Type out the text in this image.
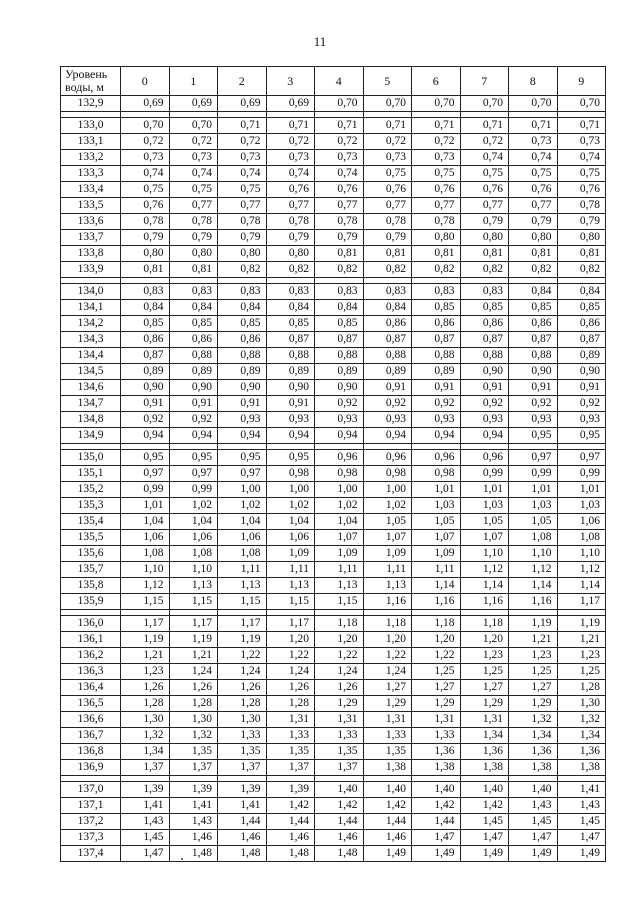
11
Уровень воды, м	0	1	2	3	4	5	6	7	8	9
132,9	0,69	0,69	0,69	0,69	0,70	0,70	0,70	0,70	0,70	0,70

133,0	0,70	0,70	0,71	0,71	0,71	0,71	0,71	0,71	0,71	0,71
133,1	0,72	0,72	0,72	0,72	0,72	0,72	0,72	0,72	0,73	0,73
133,2	0,73	0,73	0,73	0,73	0,73	0,73	0,73	0,74	0,74	0,74
133,3	0,74	0,74	0,74	0,74	0,74	0,75	0,75	0,75	0,75	0,75
133,4	0,75	0,75	0,75	0,76	0,76	0,76	0,76	0,76	0,76	0,76
133,5	0,76	0,77	0,77	0,77	0,77	0,77	0,77	0,77	0,77	0,78
133,6	0,78	0,78	0,78	0,78	0,78	0,78	0,78	0,79	0,79	0,79
133,7	0,79	0,79	0,79	0,79	0,79	0,79	0,80	0,80	0,80	0,80
133,8	0,80	0,80	0,80	0,80	0,81	0,81	0,81	0,81	0,81	0,81
133,9	0,81	0,81	0,82	0,82	0,82	0,82	0,82	0,82	0,82	0,82

134,0	0,83	0,83	0,83	0,83	0,83	0,83	0,83	0,83	0,84	0,84
134,1	0,84	0,84	0,84	0,84	0,84	0,84	0,85	0,85	0,85	0,85
134,2	0,85	0,85	0,85	0,85	0,85	0,86	0,86	0,86	0,86	0,86
134,3	0,86	0,86	0,86	0,87	0,87	0,87	0,87	0,87	0,87	0,87
134,4	0,87	0,88	0,88	0,88	0,88	0,88	0,88	0,88	0,88	0,89
134,5	0,89	0,89	0,89	0,89	0,89	0,89	0,89	0,90	0,90	0,90
134,6	0,90	0,90	0,90	0,90	0,90	0,91	0,91	0,91	0,91	0,91
134,7	0,91	0,91	0,91	0,91	0,92	0,92	0,92	0,92	0,92	0,92
134,8	0,92	0,92	0,93	0,93	0,93	0,93	0,93	0,93	0,93	0,93
134,9	0,94	0,94	0,94	0,94	0,94	0,94	0,94	0,94	0,95	0,95

135,0	0,95	0,95	0,95	0,95	0,96	0,96	0,96	0,96	0,97	0,97
135,1	0,97	0,97	0,97	0,98	0,98	0,98	0,98	0,99	0,99	0,99
135,2	0,99	0,99	1,00	1,00	1,00	1,00	1,01	1,01	1,01	1,01
135,3	1,01	1,02	1,02	1,02	1,02	1,02	1,03	1,03	1,03	1,03
135,4	1,04	1,04	1,04	1,04	1,04	1,05	1,05	1,05	1,05	1,06
135,5	1,06	1,06	1,06	1,06	1,07	1,07	1,07	1,07	1,08	1,08
135,6	1,08	1,08	1,08	1,09	1,09	1,09	1,09	1,10	1,10	1,10
135,7	1,10	1,10	1,11	1,11	1,11	1,11	1,11	1,12	1,12	1,12
135,8	1,12	1,13	1,13	1,13	1,13	1,13	1,14	1,14	1,14	1,14
135,9	1,15	1,15	1,15	1,15	1,15	1,16	1,16	1,16	1,16	1,17

136,0	1,17	1,17	1,17	1,17	1,18	1,18	1,18	1,18	1,19	1,19
136,1	1,19	1,19	1,19	1,20	1,20	1,20	1,20	1,20	1,21	1,21
136,2	1,21	1,21	1,22	1,22	1,22	1,22	1,22	1,23	1,23	1,23
136,3	1,23	1,24	1,24	1,24	1,24	1,24	1,25	1,25	1,25	1,25
136,4	1,26	1,26	1,26	1,26	1,26	1,27	1,27	1,27	1,27	1,28
136,5	1,28	1,28	1,28	1,28	1,29	1,29	1,29	1,29	1,29	1,30
136,6	1,30	1,30	1,30	1,31	1,31	1,31	1,31	1,31	1,32	1,32
136,7	1,32	1,32	1,33	1,33	1,33	1,33	1,33	1,34	1,34	1,34
136,8	1,34	1,35	1,35	1,35	1,35	1,35	1,36	1,36	1,36	1,36
136,9	1,37	1,37	1,37	1,37	1,37	1,38	1,38	1,38	1,38	1,38

137,0	1,39	1,39	1,39	1,39	1,40	1,40	1,40	1,40	1,40	1,41
137,1	1,41	1,41	1,41	1,42	1,42	1,42	1,42	1,42	1,43	1,43
137,2	1,43	1,43	1,44	1,44	1,44	1,44	1,44	1,45	1,45	1,45
137,3	1,45	1,46	1,46	1,46	1,46	1,46	1,47	1,47	1,47	1,47
137,4	1,47	1,48	1,48	1,48	1,48	1,49	1,49	1,49	1,49	1,49
